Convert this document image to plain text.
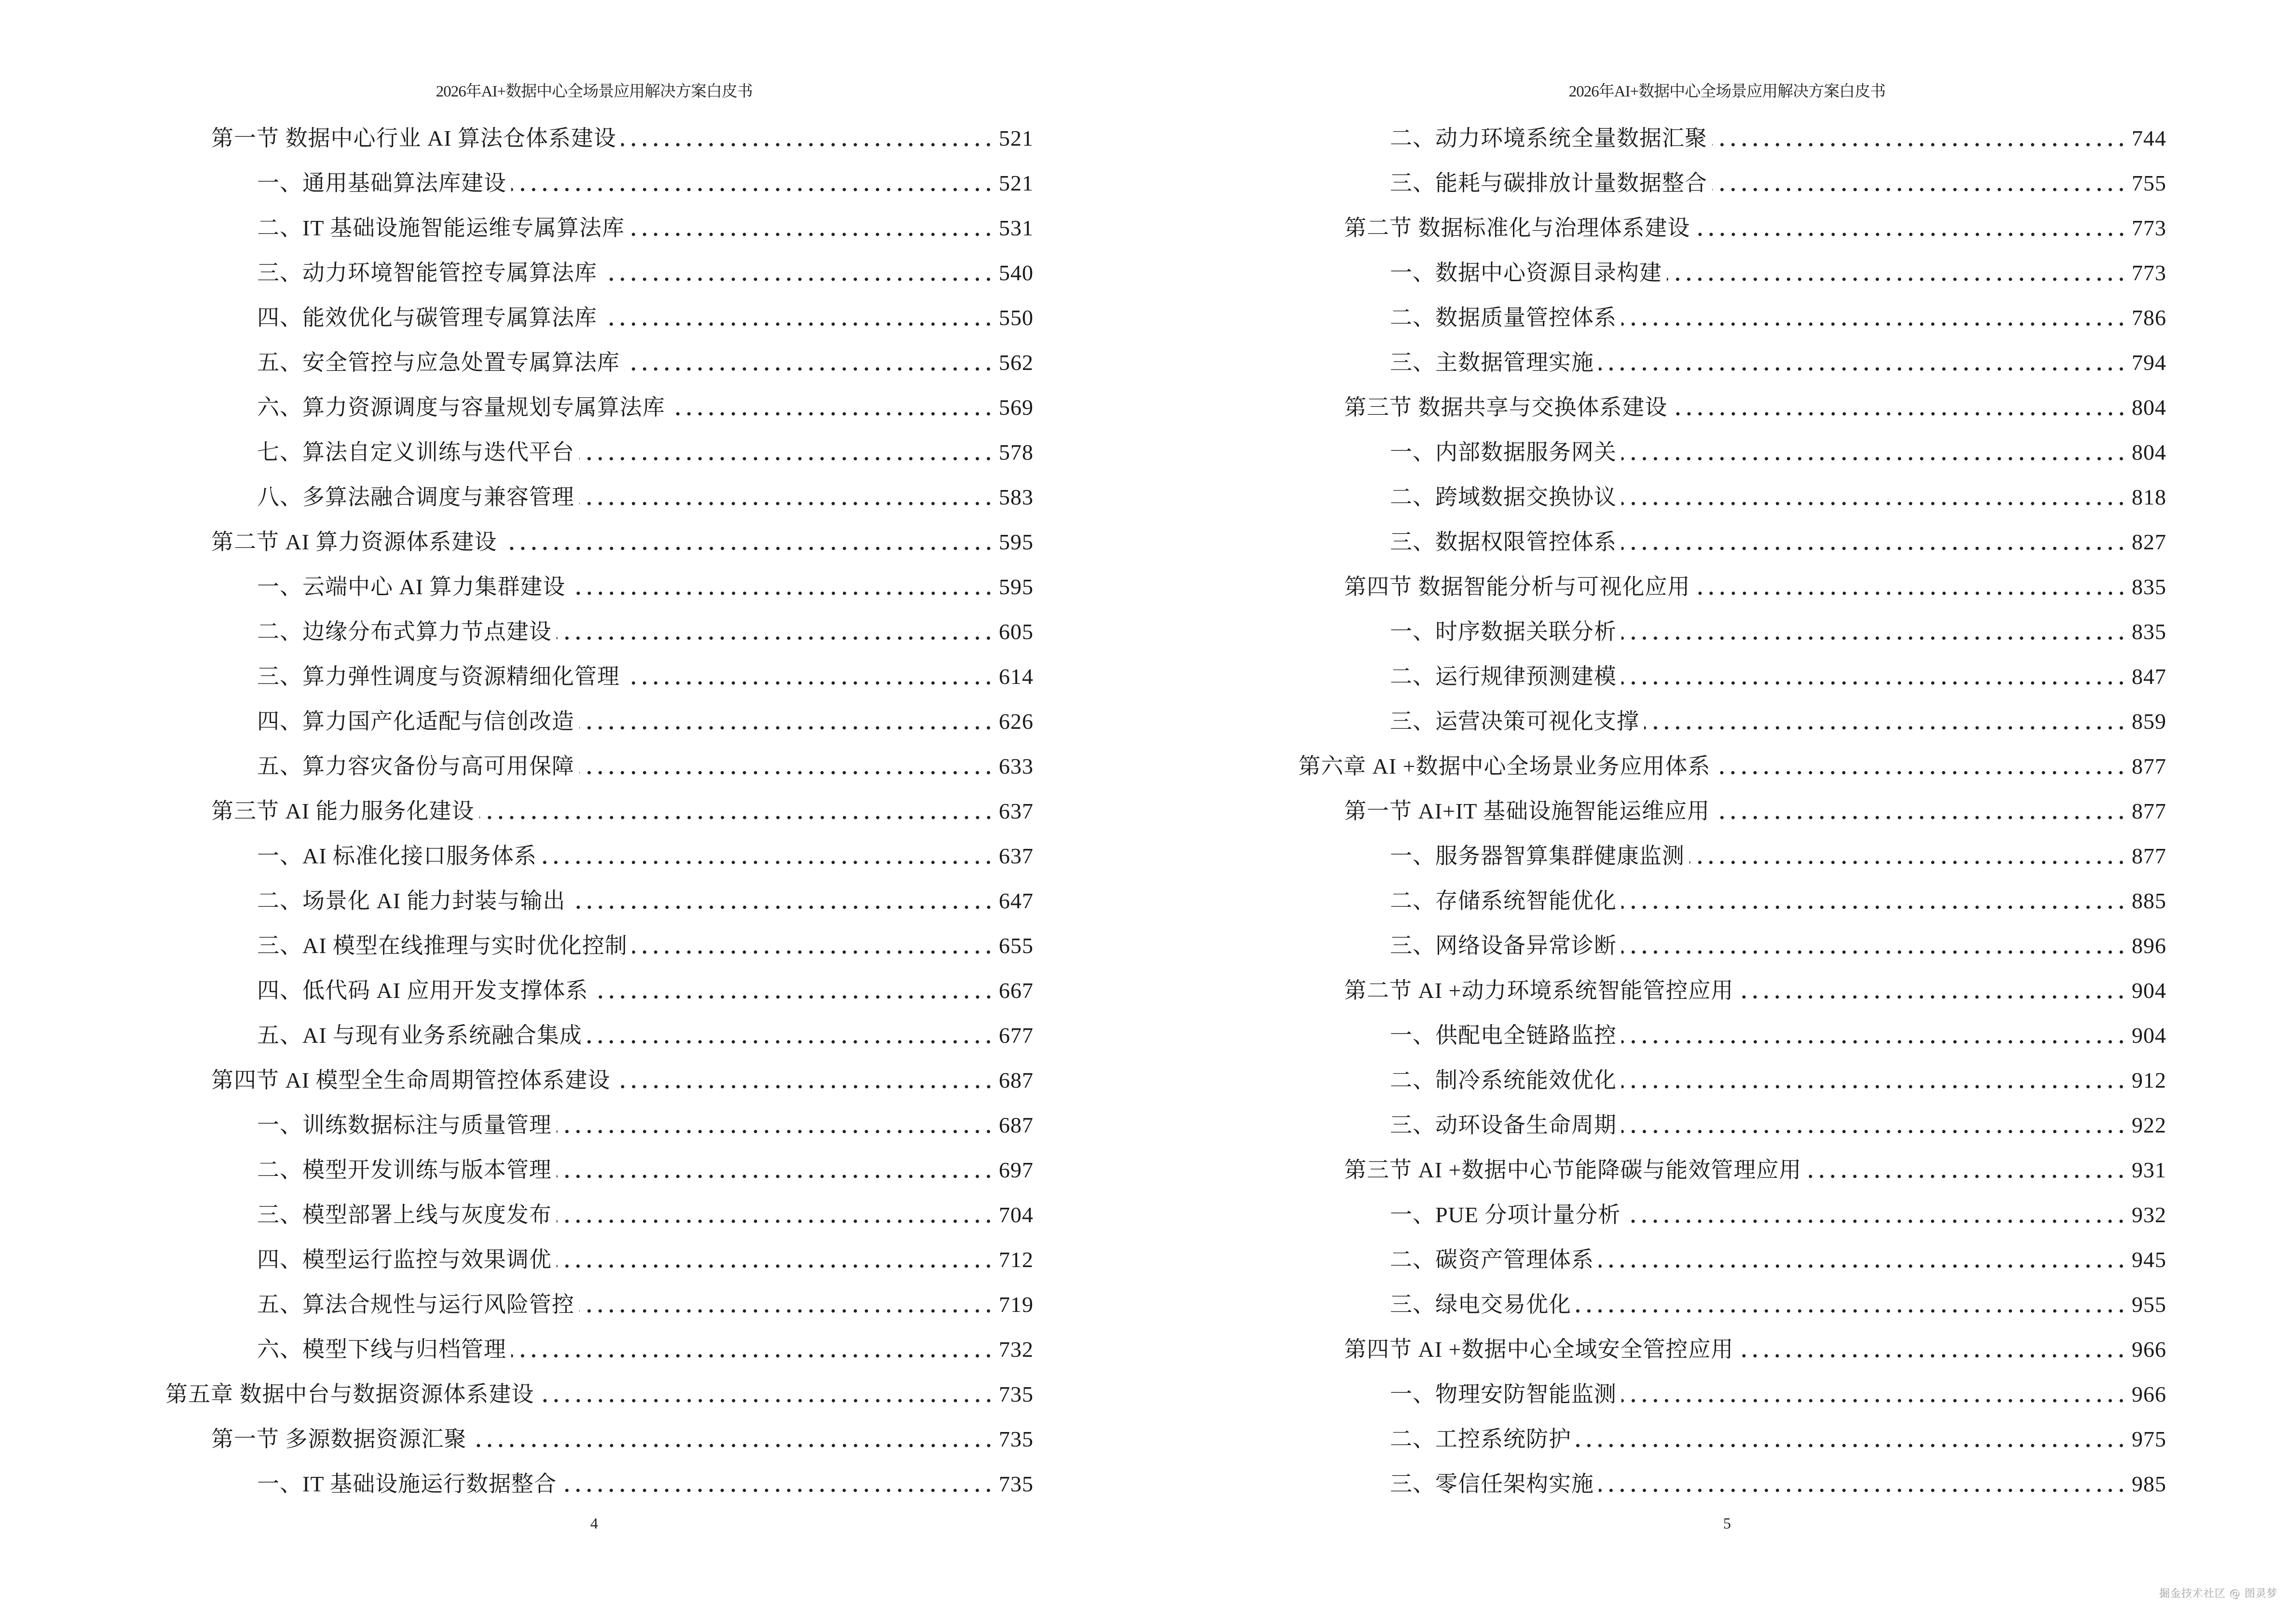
2026年AI+数据中心全场景应用解决方案白皮书
第一节 数据中心行业 AI 算法仓体系建设	521
一、通用基础算法库建设	521
二、IT 基础设施智能运维专属算法库	531
三、动力环境智能管控专属算法库	540
四、能效优化与碳管理专属算法库	550
五、安全管控与应急处置专属算法库	562
六、算力资源调度与容量规划专属算法库	569
七、算法自定义训练与迭代平台	578
八、多算法融合调度与兼容管理	583
第二节 AI 算力资源体系建设	595
一、云端中心 AI 算力集群建设	595
二、边缘分布式算力节点建设	605
三、算力弹性调度与资源精细化管理	614
四、算力国产化适配与信创改造	626
五、算力容灾备份与高可用保障	633
第三节 AI 能力服务化建设	637
一、AI 标准化接口服务体系	637
二、场景化 AI 能力封装与输出	647
三、AI 模型在线推理与实时优化控制	655
四、低代码 AI 应用开发支撑体系	667
五、AI 与现有业务系统融合集成	677
第四节 AI 模型全生命周期管控体系建设	687
一、训练数据标注与质量管理	687
二、模型开发训练与版本管理	697
三、模型部署上线与灰度发布	704
四、模型运行监控与效果调优	712
五、算法合规性与运行风险管控	719
六、模型下线与归档管理	732
第五章 数据中台与数据资源体系建设	735
第一节 多源数据资源汇聚	735
一、IT 基础设施运行数据整合	735
4
2026年AI+数据中心全场景应用解决方案白皮书
二、动力环境系统全量数据汇聚	744
三、能耗与碳排放计量数据整合	755
第二节 数据标准化与治理体系建设	773
一、数据中心资源目录构建	773
二、数据质量管控体系	786
三、主数据管理实施	794
第三节 数据共享与交换体系建设	804
一、内部数据服务网关	804
二、跨域数据交换协议	818
三、数据权限管控体系	827
第四节 数据智能分析与可视化应用	835
一、时序数据关联分析	835
二、运行规律预测建模	847
三、运营决策可视化支撑	859
第六章 AI +数据中心全场景业务应用体系	877
第一节 AI+IT 基础设施智能运维应用	877
一、服务器智算集群健康监测	877
二、存储系统智能优化	885
三、网络设备异常诊断	896
第二节 AI +动力环境系统智能管控应用	904
一、供配电全链路监控	904
二、制冷系统能效优化	912
三、动环设备生命周期	922
第三节 AI +数据中心节能降碳与能效管理应用	931
一、PUE 分项计量分析	932
二、碳资产管理体系	945
三、绿电交易优化	955
第四节 AI +数据中心全域安全管控应用	966
一、物理安防智能监测	966
二、工控系统防护	975
三、零信任架构实施	985
5
掘金技术社区 @ 图灵梦
